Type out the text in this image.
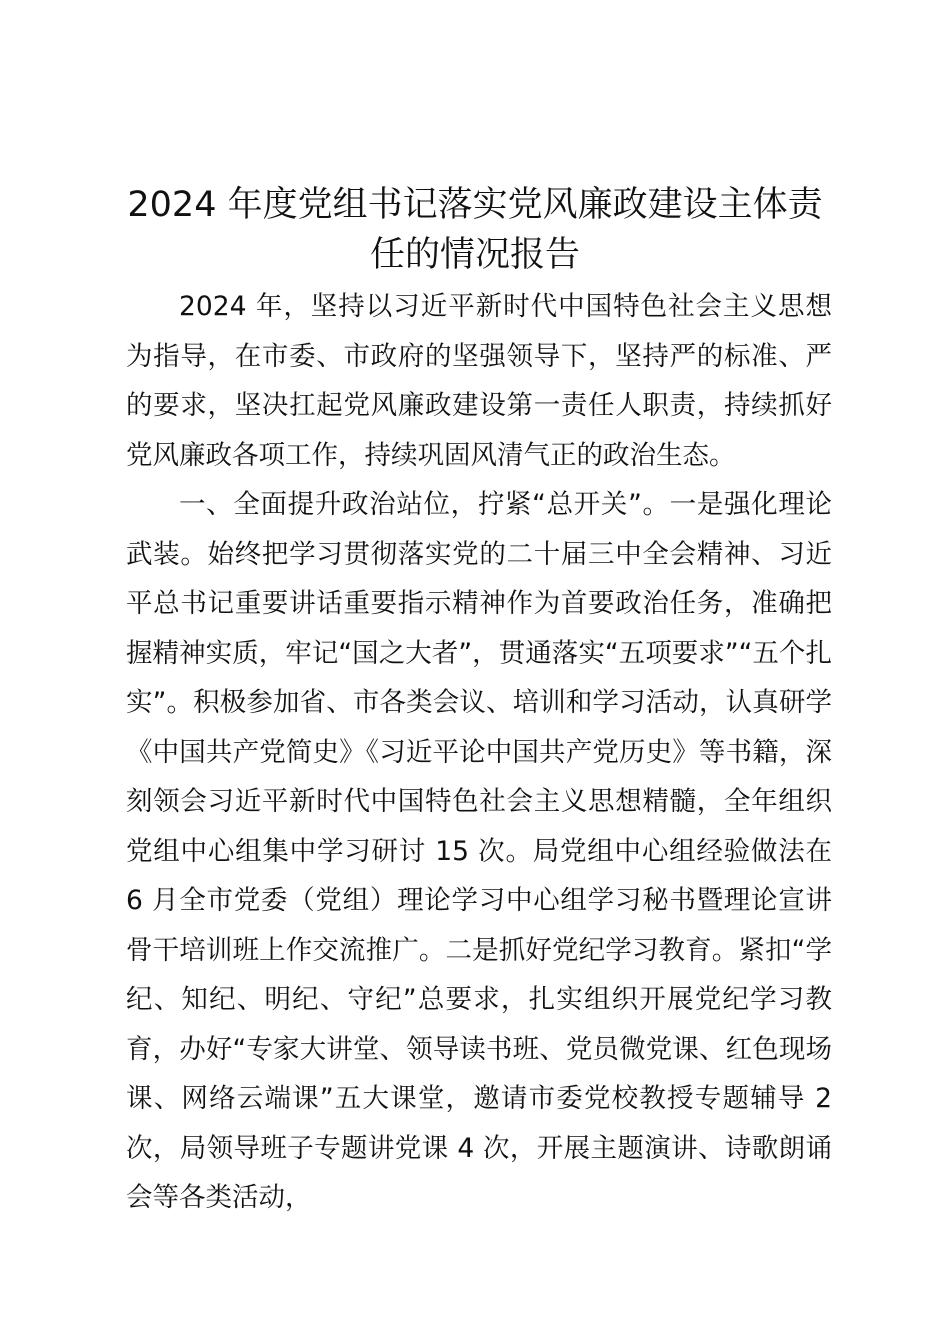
2024 年度党组书记落实党风廉政建设主体责任的情况报告

2024 年，坚持以习近平新时代中国特色社会主义思想为指导，在市委、市政府的坚强领导下，坚持严的标准、严的要求，坚决扛起党风廉政建设第一责任人职责，持续抓好党风廉政各项工作，持续巩固风清气正的政治生态。

一、全面提升政治站位，拧紧“总开关”。一是强化理论武装。始终把学习贯彻落实党的二十届三中全会精神、习近平总书记重要讲话重要指示精神作为首要政治任务，准确把握精神实质，牢记“国之大者”，贯通落实“五项要求”“五个扎实”。积极参加省、市各类会议、培训和学习活动，认真研学《中国共产党简史》《习近平论中国共产党历史》等书籍，深刻领会习近平新时代中国特色社会主义思想精髓，全年组织党组中心组集中学习研讨 15 次。局党组中心组经验做法在 6 月全市党委（党组）理论学习中心组学习秘书暨理论宣讲骨干培训班上作交流推广。二是抓好党纪学习教育。紧扣“学纪、知纪、明纪、守纪”总要求，扎实组织开展党纪学习教育，办好“专家大讲堂、领导读书班、党员微党课、红色现场课、网络云端课”五大课堂，邀请市委党校教授专题辅导 2 次，局领导班子专题讲党课 4 次，开展主题演讲、诗歌朗诵会等各类活动，
